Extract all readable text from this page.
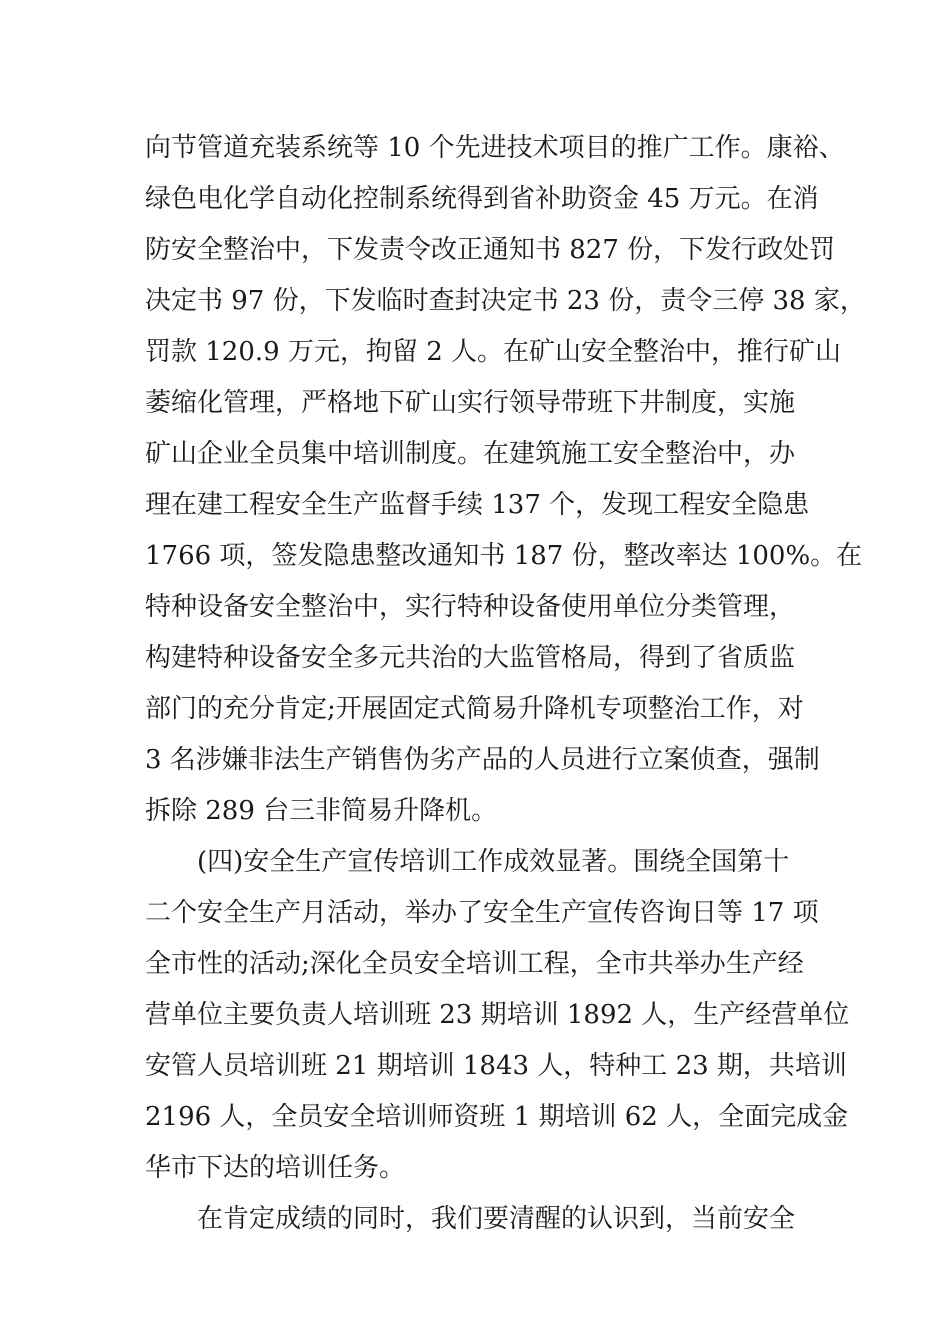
向节管道充装系统等 10 个先进技术项目的推广工作。康裕、

绿色电化学自动化控制系统得到省补助资金 45 万元。在消

防安全整治中，下发责令改正通知书 827 份，下发行政处罚

决定书 97 份，下发临时查封决定书 23 份，责令三停 38 家，

罚款 120.9 万元，拘留 2 人。在矿山安全整治中，推行矿山

萎缩化管理，严格地下矿山实行领导带班下井制度，实施

矿山企业全员集中培训制度。在建筑施工安全整治中，办

理在建工程安全生产监督手续 137 个，发现工程安全隐患

1766 项，签发隐患整改通知书 187 份，整改率达 100%。在

特种设备安全整治中，实行特种设备使用单位分类管理，

构建特种设备安全多元共治的大监管格局，得到了省质监

部门的充分肯定;开展固定式简易升降机专项整治工作，对

3 名涉嫌非法生产销售伪劣产品的人员进行立案侦查，强制

拆除 289 台三非简易升降机。

(四)安全生产宣传培训工作成效显著。围绕全国第十

二个安全生产月活动，举办了安全生产宣传咨询日等 17 项

全市性的活动;深化全员安全培训工程，全市共举办生产经

营单位主要负责人培训班 23 期培训 1892 人，生产经营单位

安管人员培训班 21 期培训 1843 人，特种工 23 期，共培训

2196 人，全员安全培训师资班 1 期培训 62 人，全面完成金

华市下达的培训任务。

在肯定成绩的同时，我们要清醒的认识到，当前安全
